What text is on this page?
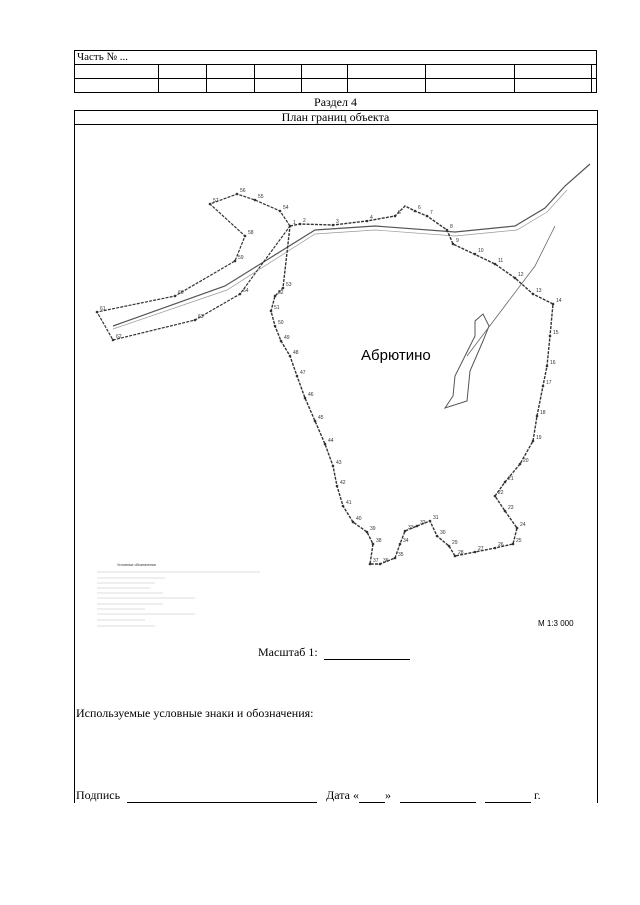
Часть № ...								

Раздел 4
План границ объекта
Абрютино
1 2	3
4
5
6
7
8
9
10
11
12
13
14
15
16
17
18
19
20
21
22
23
24
25
26
27
28
29
30
31
32
33
34
35
36
37
38
39
40
41
42
43
44
45
46
47
48
49
50
51
52
53
54
55
56
57
58
59
60
61
62
63
64
Условные обозначения
М 1:3 000
Масштаб 1:
Используемые условные знаки и обозначения:
Подпись	Дата « »	г.
